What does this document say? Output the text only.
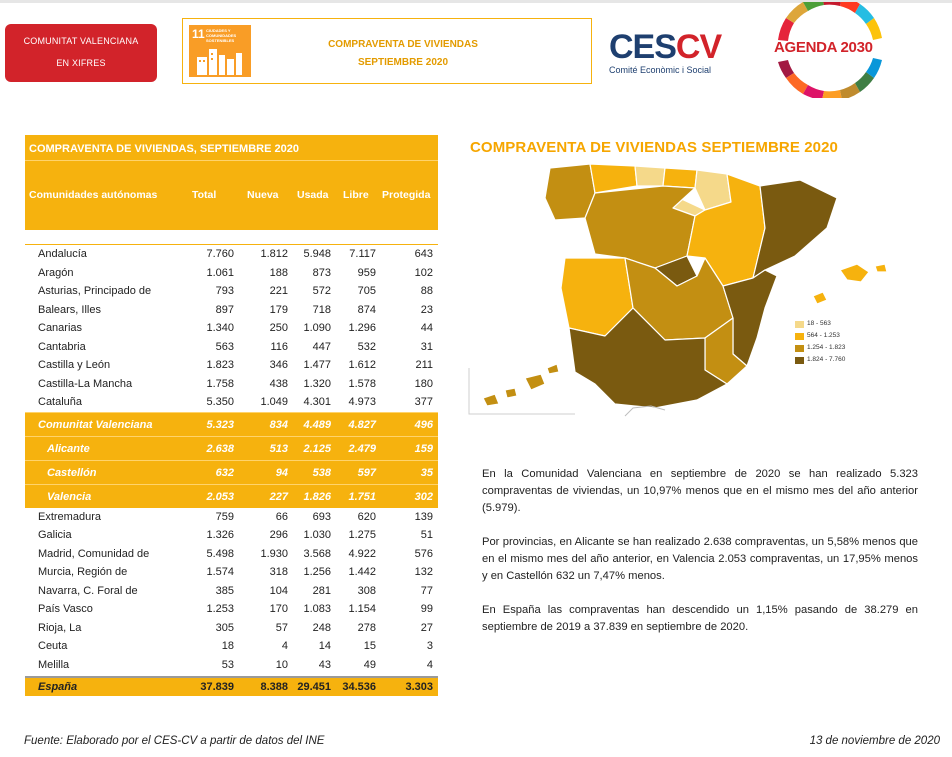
COMUNITAT VALENCIANA
EN XIFRES
11 CIUDADES Y COMUNIDADES SOSTENIBLES	COMPRAVENTA DE VIVIENDAS
SEPTIEMBRE 2020	CESCV
Comité Econòmic i Social
AGENDA 2030
COMPRAVENTA DE VIVIENDAS, SEPTIEMBRE 2020
Comunidades autónomas	Total	Nueva Usada Libre Protegida
Andalucía	7.760 1.812 5.948 7.117	643
Aragón	1.061	188 873 959	102
Asturias, Principado de	793	221 572 705	88
Balears, Illes	897	179 718 874	23
Canarias	1.340	250 1.090 1.296	44
Cantabria	563	116 447 532	31
Castilla y León	1.823	346 1.477 1.612	211
Castilla-La Mancha	1.758	438 1.320 1.578	180
Cataluña	5.350 1.049 4.301 4.973	377
Comunitat Valenciana	5.323	834 4.489 4.827	496
Alicante	2.638	513 2.125 2.479	159
Castellón	632	94 538 597	35
Valencia	2.053	227 1.826 1.751	302
Extremadura	759	66 693 620	139
Galicia	1.326	296 1.030 1.275	51
Madrid, Comunidad de	5.498 1.930 3.568 4.922	576
Murcia, Región de	1.574	318 1.256 1.442	132
Navarra, C. Foral de	385	104 281 308	77
País Vasco	1.253	170 1.083 1.154	99
Rioja, La	305	57 248 278	27
Ceuta	18	4	14	15	3
Melilla	53	10	43	49	4
España	37.839 8.388 29.451 34.536	3.303
COMPRAVENTA DE VIVIENDAS SEPTIEMBRE 2020
18 - 563
564 - 1.253
1.254 - 1.823
1.824 - 7.760

En la Comunidad Valenciana en septiembre de 2020 se han realizado 5.323 compraventas de viviendas, un 10,97% menos que en el mismo mes del año anterior (5.979).

Por provincias, en Alicante se han realizado 2.638 compraventas, un 5,58% menos que en el mismo mes del año anterior, en Valencia 2.053 compraventas, un 17,95% menos y en Castellón 632 un 7,47% menos.

En España las compraventas han descendido un 1,15% pasando de 38.279 en septiembre de 2019 a 37.839 en septiembre de 2020.

Fuente: Elaborado por el CES-CV a partir de datos del INE	13 de noviembre de 2020
